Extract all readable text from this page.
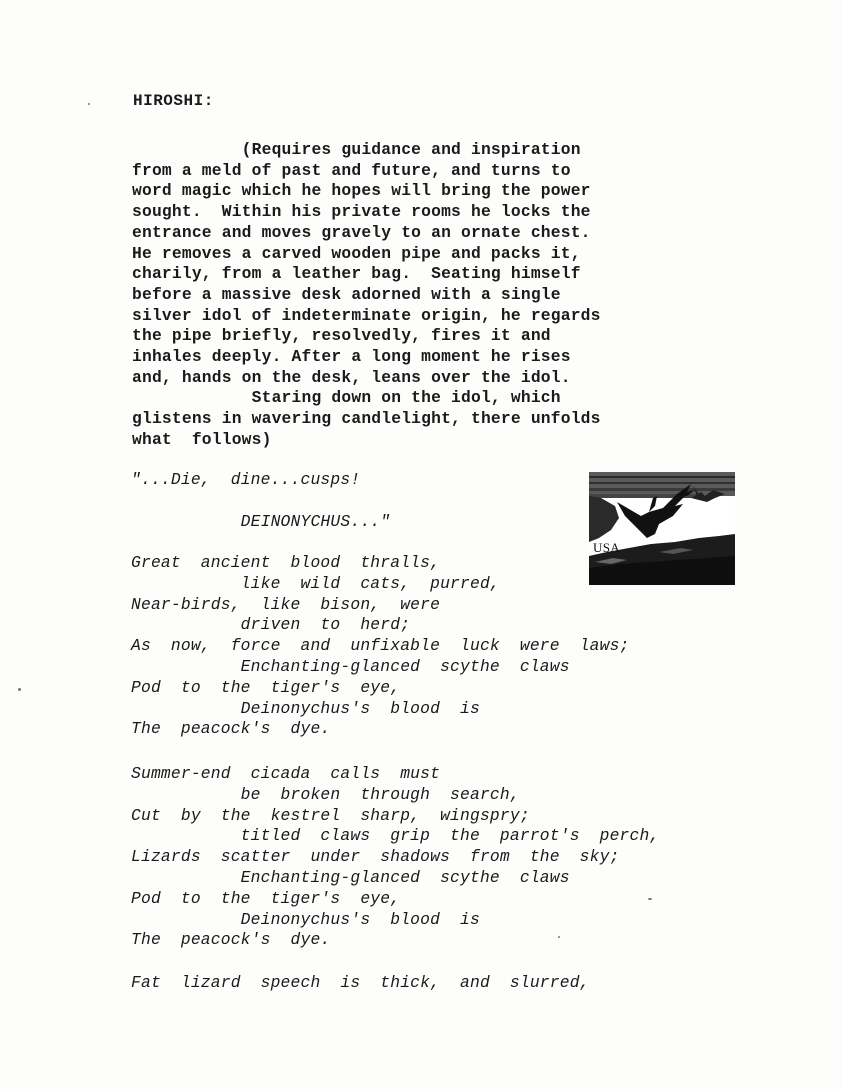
HIROSHI:
(Requires guidance and inspiration
from a meld of past and future, and turns to
word magic which he hopes will bring the power
sought.  Within his private rooms he locks the
entrance and moves gravely to an ornate chest.
He removes a carved wooden pipe and packs it,
charily, from a leather bag.  Seating himself
before a massive desk adorned with a single
silver idol of indeterminate origin, he regards
the pipe briefly, resolvedly, fires it and
inhales deeply. After a long moment he rises
and, hands on the desk, leans over the idol.
Staring down on the idol, which
glistens in wavering candlelight, there unfolds
what  follows)
"...Die,  dine...cusps!

DEINONYCHUS..."
USA
Great  ancient  blood  thralls,
like  wild  cats,  purred,
Near-birds,  like  bison,  were
driven  to  herd;
As  now,  force  and  unfixable  luck  were  laws;
Enchanting-glanced  scythe  claws
Pod  to  the  tiger's  eye,
Deinonychus's  blood  is
The  peacock's  dye.
Summer-end  cicada  calls  must
be  broken  through  search,
Cut  by  the  kestrel  sharp,  wingspry;
titled  claws  grip  the  parrot's  perch,
Lizards  scatter  under  shadows  from  the  sky;
Enchanting-glanced  scythe  claws
Pod  to  the  tiger's  eye,
Deinonychus's  blood  is
The  peacock's  dye.
Fat  lizard  speech  is  thick,  and  slurred,
